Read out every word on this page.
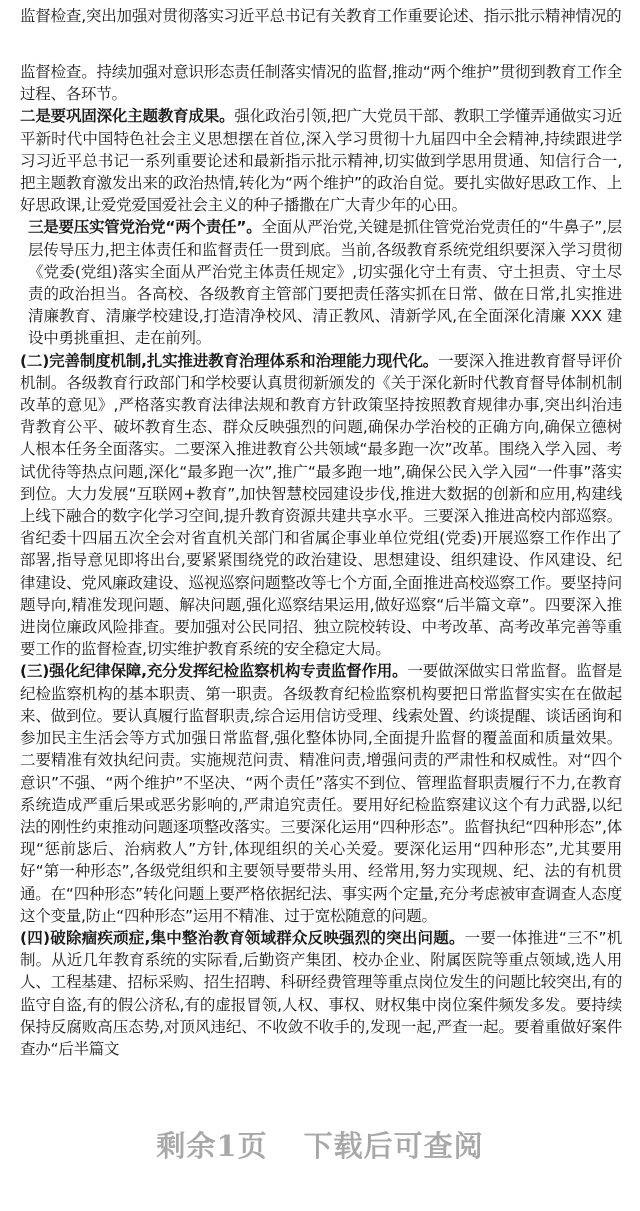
监督检查,突出加强对贯彻落实习近平总书记有关教育工作重要论述、指示批示精神情况的

监督检查。持续加强对意识形态责任制落实情况的监督,推动“两个维护”贯彻到教育工作全过程、各环节。

二是要巩固深化主题教育成果。强化政治引领,把广大党员干部、教职工学懂弄通做实习近平新时代中国特色社会主义思想摆在首位,深入学习贯彻十九届四中全会精神,持续跟进学习习近平总书记一系列重要论述和最新指示批示精神,切实做到学思用贯通、知信行合一,把主题教育激发出来的政治热情,转化为“两个维护”的政治自觉。要扎实做好思政工作、上好思政课,让爱党爱国爱社会主义的种子播撒在广大青少年的心田。

三是要压实管党治党“两个责任”。全面从严治党,关键是抓住管党治党责任的“牛鼻子”,层层传导压力,把主体责任和监督责任一贯到底。当前,各级教育系统党组织要深入学习贯彻《党委(党组)落实全面从严治党主体责任规定》,切实强化守土有责、守土担责、守土尽责的政治担当。各高校、各级教育主管部门要把责任落实抓在日常、做在日常,扎实推进清廉教育、清廉学校建设,打造清净校风、清正教风、清新学风,在全面深化清廉 XXX 建设中勇挑重担、走在前列。

(二)完善制度机制,扎实推进教育治理体系和治理能力现代化。一要深入推进教育督导评价机制。各级教育行政部门和学校要认真贯彻新颁发的《关于深化新时代教育督导体制机制改革的意见》,严格落实教育法律法规和教育方针政策坚持按照教育规律办事,突出纠治违背教育公平、破坏教育生态、群众反映强烈的问题,确保办学治校的正确方向,确保立德树人根本任务全面落实。二要深入推进教育公共领域“最多跑一次”改革。围绕入学入园、考试优待等热点问题,深化“最多跑一次”,推广“最多跑一地”,确保公民入学入园“一件事”落实到位。大力发展“互联网+教育”,加快智慧校园建设步伐,推进大数据的创新和应用,构建线上线下融合的数字化学习空间,提升教育资源共建共享水平。三要深入推进高校内部巡察。省纪委十四届五次全会对省直机关部门和省属企事业单位党组(党委)开展巡察工作作出了部署,指导意见即将出台,要紧紧围绕党的政治建设、思想建设、组织建设、作风建设、纪律建设、党风廉政建设、巡视巡察问题整改等七个方面,全面推进高校巡察工作。要坚持问题导向,精准发现问题、解决问题,强化巡察结果运用,做好巡察“后半篇文章”。四要深入推进岗位廉政风险排查。要加强对公民同招、独立院校转设、中考改革、高考改革完善等重要工作的监督检查,切实维护教育系统的安全稳定大局。

(三)强化纪律保障,充分发挥纪检监察机构专责监督作用。一要做深做实日常监督。监督是纪检监察机构的基本职责、第一职责。各级教育纪检监察机构要把日常监督实实在在做起来、做到位。要认真履行监督职责,综合运用信访受理、线索处置、约谈提醒、谈话函询和参加民主生活会等方式加强日常监督,强化整体协同,全面提升监督的覆盖面和质量效果。二要精准有效执纪问责。实施规范问责、精准问责,增强问责的严肃性和权威性。对“四个意识”不强、“两个维护”不坚决、“两个责任”落实不到位、管理监督职责履行不力,在教育系统造成严重后果或恶劣影响的,严肃追究责任。要用好纪检监察建议这个有力武器,以纪法的刚性约束推动问题逐项整改落实。三要深化运用“四种形态”。监督执纪“四种形态”,体现“惩前毖后、治病救人”方针,体现组织的关心关爱。要深化运用“四种形态”,尤其要用好“第一种形态”,各级党组织和主要领导要带头用、经常用,努力实现规、纪、法的有机贯通。在“四种形态”转化问题上要严格依据纪法、事实两个定量,充分考虑被审查调查人态度这个变量,防止“四种形态”运用不精准、过于宽松随意的问题。

(四)破除痼疾顽症,集中整治教育领域群众反映强烈的突出问题。一要一体推进“三不”机制。从近几年教育系统的实际看,后勤资产集团、校办企业、附属医院等重点领域,选人用人、工程基建、招标采购、招生招聘、科研经费管理等重点岗位发生的问题比较突出,有的监守自盗,有的假公济私,有的虚报冒领,人权、事权、财权集中岗位案件频发多发。要持续保持反腐败高压态势,对顶风违纪、不收敛不收手的,发现一起,严查一起。要着重做好案件查办“后半篇文

剩余1页 下载后可查阅
